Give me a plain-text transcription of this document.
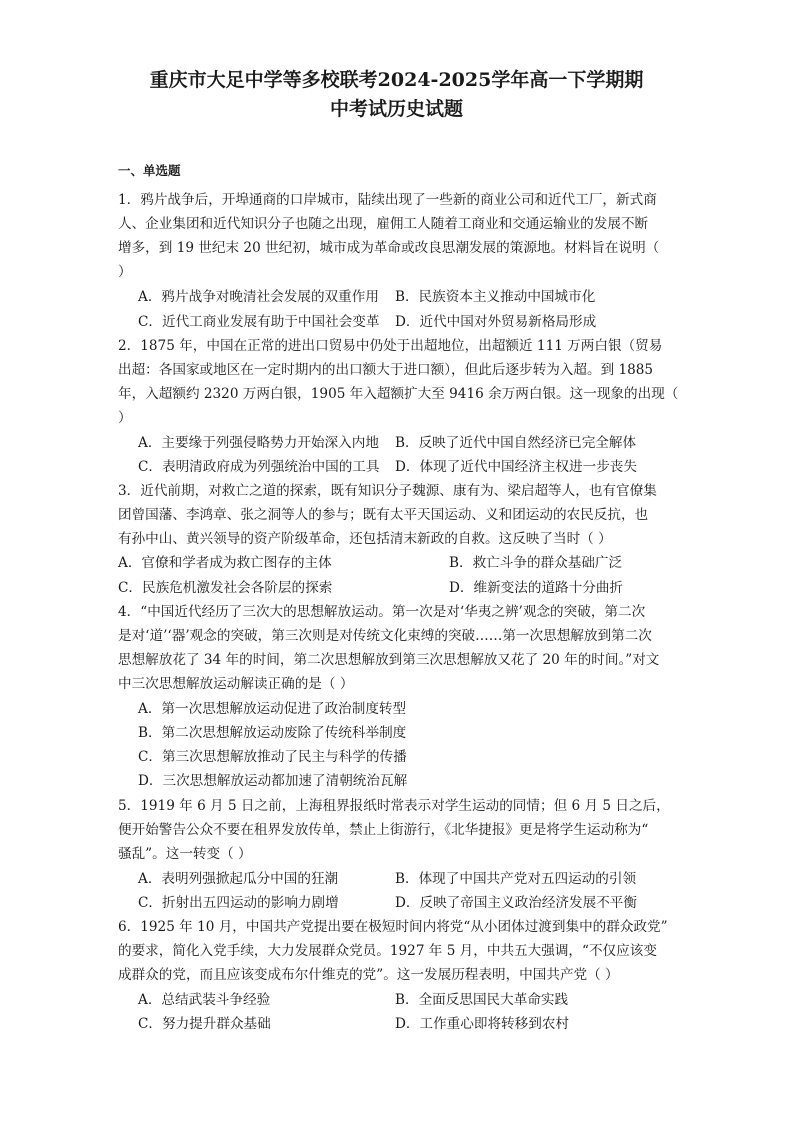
重庆市大足中学等多校联考2024-2025学年高一下学期期
中考试历史试题
一、单选题
1．鸦片战争后，开埠通商的口岸城市，陆续出现了一些新的商业公司和近代工厂，新式商
人、企业集团和近代知识分子也随之出现，雇佣工人随着工商业和交通运输业的发展不断
增多，到 19 世纪末 20 世纪初，城市成为革命或改良思潮发展的策源地。材料旨在说明（
）
A．鸦片战争对晚清社会发展的双重作用 B．民族资本主义推动中国城市化
C．近代工商业发展有助于中国社会变革 D．近代中国对外贸易新格局形成
2．1875 年，中国在正常的进出口贸易中仍处于出超地位，出超额近 111 万两白银（贸易
出超：各国家或地区在一定时期内的出口额大于进口额），但此后逐步转为入超。到 1885
年，入超额约 2320 万两白银，1905 年入超额扩大至 9416 余万两白银。这一现象的出现（
）
A．主要缘于列强侵略势力开始深入内地 B．反映了近代中国自然经济已完全解体
C．表明清政府成为列强统治中国的工具 D．体现了近代中国经济主权进一步丧失
3．近代前期，对救亡之道的探索，既有知识分子魏源、康有为、梁启超等人，也有官僚集
团曾国藩、李鸿章、张之洞等人的参与；既有太平天国运动、义和团运动的农民反抗，也
有孙中山、黄兴领导的资产阶级革命，还包括清末新政的自救。这反映了当时（ ）
A．官僚和学者成为救亡图存的主体	B．救亡斗争的群众基础广泛
C．民族危机激发社会各阶层的探索	D．维新变法的道路十分曲折
4．“中国近代经历了三次大的思想解放运动。第一次是对‘华夷之辨’观念的突破，第二次
是对‘道’‘器’观念的突破，第三次则是对传统文化束缚的突破……第一次思想解放到第二次
思想解放花了 34 年的时间，第二次思想解放到第三次思想解放又花了 20 年的时间。”对文
中三次思想解放运动解读正确的是（ ）
A．第一次思想解放运动促进了政治制度转型
B．第二次思想解放运动废除了传统科举制度
C．第三次思想解放推动了民主与科学的传播
D．三次思想解放运动都加速了清朝统治瓦解
5．1919 年 6 月 5 日之前，上海租界报纸时常表示对学生运动的同情；但 6 月 5 日之后，
便开始警告公众不要在租界发放传单，禁止上街游行，《北华捷报》更是将学生运动称为“
骚乱”。这一转变（ ）
A．表明列强掀起瓜分中国的狂潮	B．体现了中国共产党对五四运动的引领
C．折射出五四运动的影响力剧增	D．反映了帝国主义政治经济发展不平衡
6．1925 年 10 月，中国共产党提出要在极短时间内将党“从小团体过渡到集中的群众政党”
的要求，简化入党手续，大力发展群众党员。1927 年 5 月，中共五大强调，“不仅应该变
成群众的党，而且应该变成布尔什维克的党”。这一发展历程表明，中国共产党（ ）
A．总结武装斗争经验	B．全面反思国民大革命实践
C．努力提升群众基础	D．工作重心即将转移到农村
